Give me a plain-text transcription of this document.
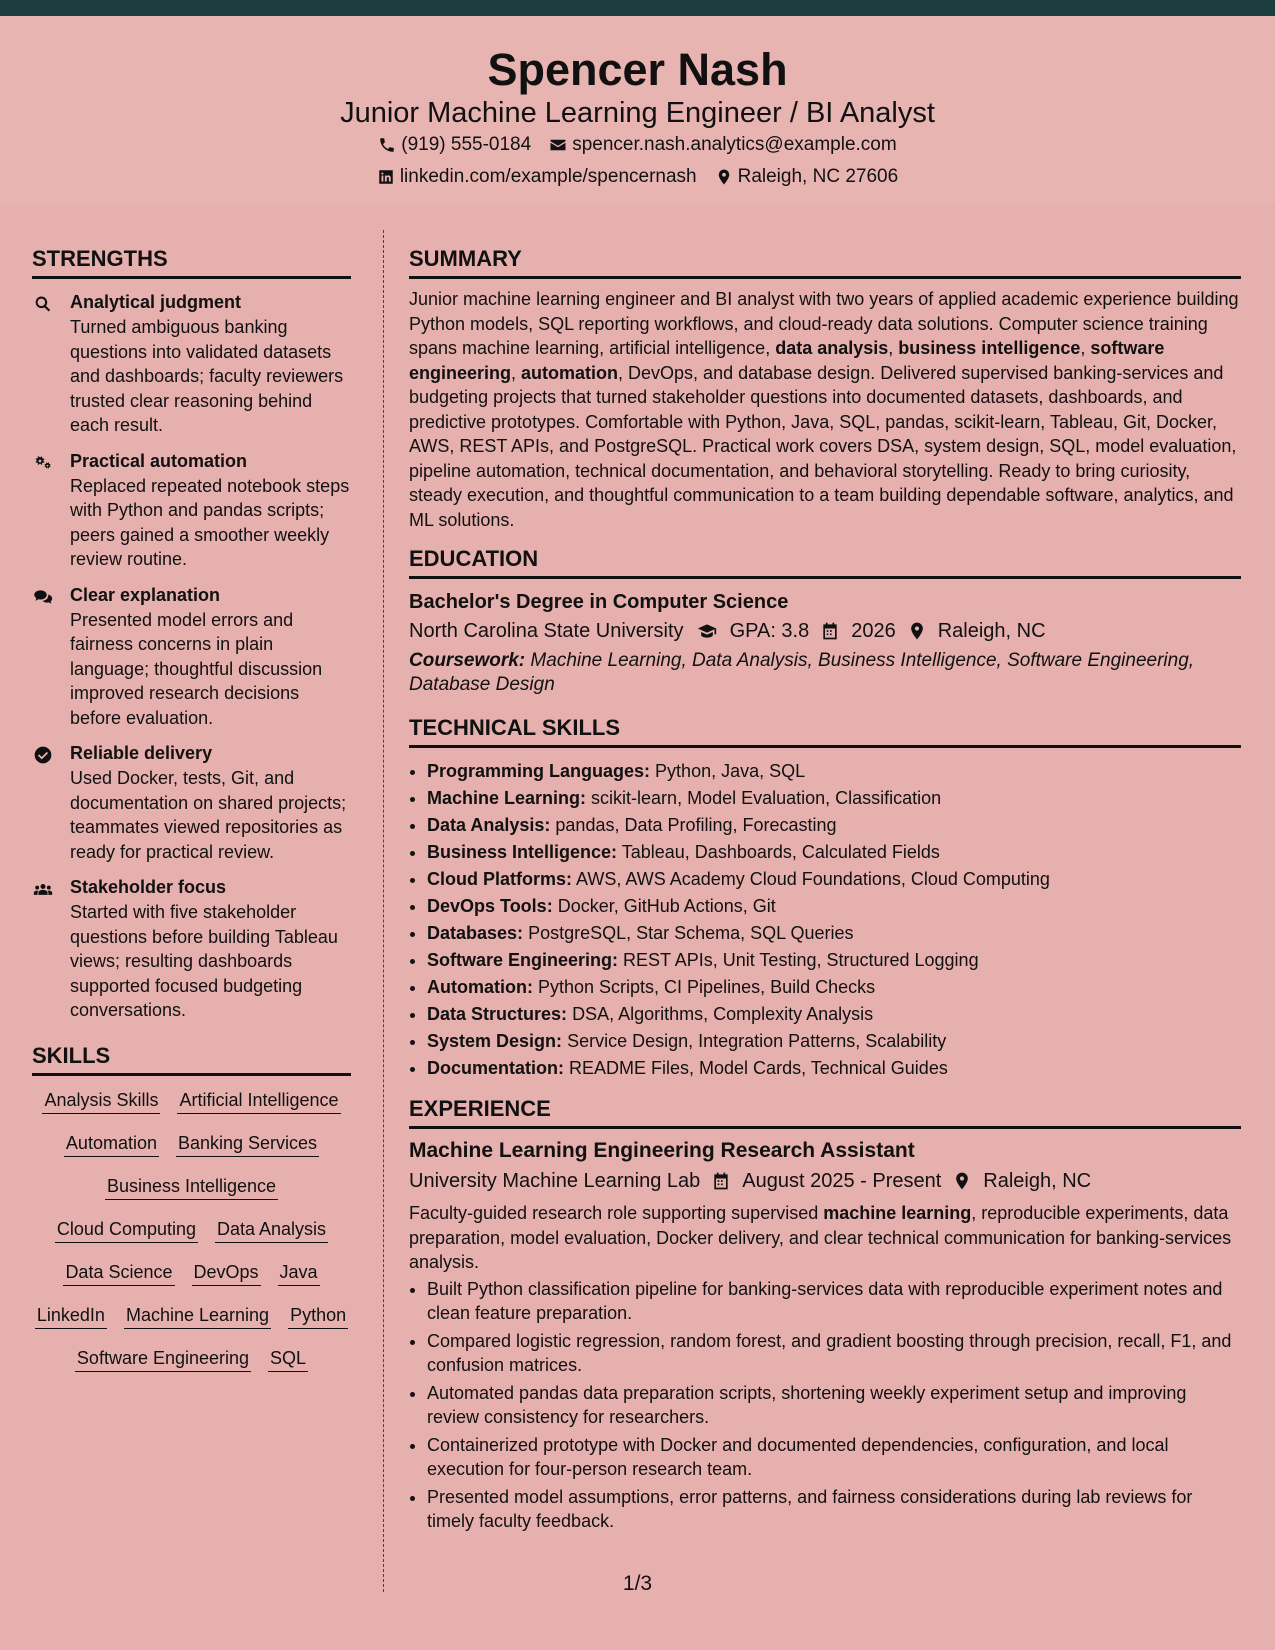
Spencer Nash
Junior Machine Learning Engineer / BI Analyst
(919) 555-0184 spencer.nash.analytics@example.com
linkedin.com/example/spencernash Raleigh, NC 27606
STRENGTHS
Analytical judgment

Turned ambiguous banking questions into validated datasets and dashboards; faculty reviewers trusted clear reasoning behind each result.

Practical automation

Replaced repeated notebook steps with Python and pandas scripts; peers gained a smoother weekly review routine.

Clear explanation

Presented model errors and fairness concerns in plain language; thoughtful discussion improved research decisions before evaluation.

Reliable delivery

Used Docker, tests, Git, and documentation on shared projects; teammates viewed repositories as ready for practical review.

Stakeholder focus

Started with five stakeholder questions before building Tableau views; resulting dashboards supported focused budgeting conversations.

SKILLS
Analysis Skills Artificial Intelligence
Automation Banking Services
Business Intelligence
Cloud Computing Data Analysis
Data Science DevOps Java
LinkedIn Machine Learning Python
Software Engineering SQL
SUMMARY
Junior machine learning engineer and BI analyst with two years of applied academic experience building Python models, SQL reporting workflows, and cloud-ready data solutions. Computer science training spans machine learning, artificial intelligence, data analysis, business intelligence, software engineering, automation, DevOps, and database design. Delivered supervised banking-services and budgeting projects that turned stakeholder questions into documented datasets, dashboards, and predictive prototypes. Comfortable with Python, Java, SQL, pandas, scikit-learn, Tableau, Git, Docker, AWS, REST APIs, and PostgreSQL. Practical work covers DSA, system design, SQL, model evaluation, pipeline automation, technical documentation, and behavioral storytelling. Ready to bring curiosity, steady execution, and thoughtful communication to a team building dependable software, analytics, and ML solutions.
EDUCATION
Bachelor's Degree in Computer Science
North Carolina State University GPA: 3.8 2026 Raleigh, NC
Coursework: Machine Learning, Data Analysis, Business Intelligence, Software Engineering, Database Design
TECHNICAL SKILLS
• Programming Languages: Python, Java, SQL
• Machine Learning: scikit-learn, Model Evaluation, Classification
• Data Analysis: pandas, Data Profiling, Forecasting
• Business Intelligence: Tableau, Dashboards, Calculated Fields
• Cloud Platforms: AWS, AWS Academy Cloud Foundations, Cloud Computing
• DevOps Tools: Docker, GitHub Actions, Git
• Databases: PostgreSQL, Star Schema, SQL Queries
• Software Engineering: REST APIs, Unit Testing, Structured Logging
• Automation: Python Scripts, CI Pipelines, Build Checks
• Data Structures: DSA, Algorithms, Complexity Analysis
• System Design: Service Design, Integration Patterns, Scalability
• Documentation: README Files, Model Cards, Technical Guides
EXPERIENCE
Machine Learning Engineering Research Assistant
University Machine Learning Lab August 2025 - Present Raleigh, NC
Faculty-guided research role supporting supervised machine learning, reproducible experiments, data preparation, model evaluation, Docker delivery, and clear technical communication for banking-services analysis.
• Built Python classification pipeline for banking-services data with reproducible experiment notes and clean feature preparation.
• Compared logistic regression, random forest, and gradient boosting through precision, recall, F1, and confusion matrices.
• Automated pandas data preparation scripts, shortening weekly experiment setup and improving review consistency for researchers.
• Containerized prototype with Docker and documented dependencies, configuration, and local execution for four-person research team.
• Presented model assumptions, error patterns, and fairness considerations during lab reviews for timely faculty feedback.
1/3
